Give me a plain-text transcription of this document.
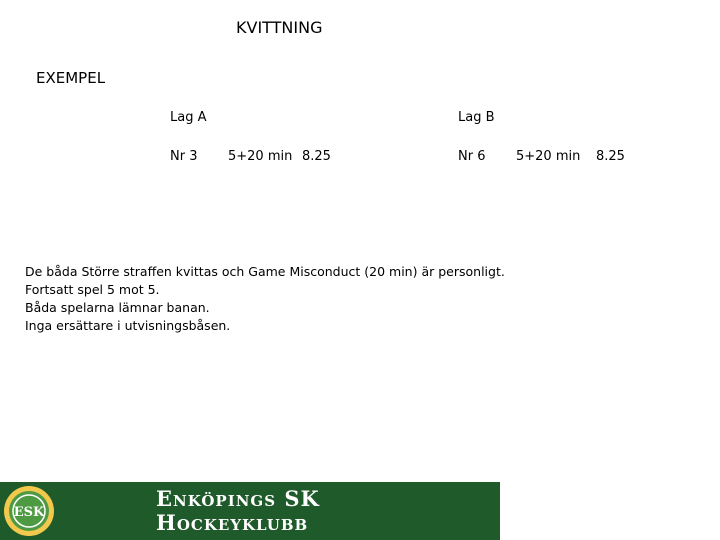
KVITTNING
EXEMPEL
Lag A
Nr 3 5+20 min 8.25
Lag B
Nr 6 5+20 min 8.25
De båda Större straffen kvittas och Game Misconduct (20 min) är personligt.
Fortsatt spel 5 mot 5.
Båda spelarna lämnar banan.
Inga ersättare i utvisningsbåsen.
ESK
Enköpings SK
Hockeyklubb
